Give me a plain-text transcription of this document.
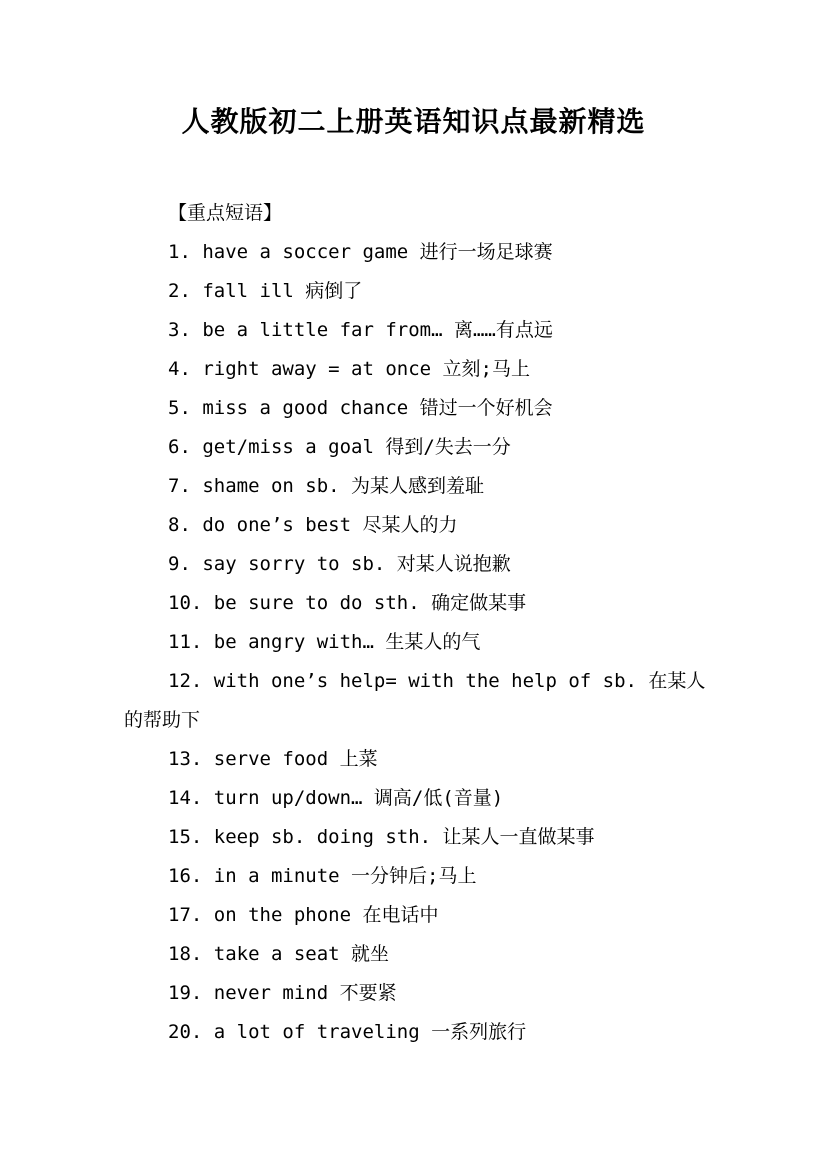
人教版初二上册英语知识点最新精选
【重点短语】
1. have a soccer game 进行一场足球赛
2. fall ill 病倒了
3. be a little far from… 离……有点远
4. right away = at once 立刻;马上
5. miss a good chance 错过一个好机会
6. get/miss a goal 得到/失去一分
7. shame on sb. 为某人感到羞耻
8. do one’s best 尽某人的力
9. say sorry to sb. 对某人说抱歉
10. be sure to do sth. 确定做某事
11. be angry with… 生某人的气
12. with one’s help= with the help of sb. 在某人的帮助下
13. serve food 上菜
14. turn up/down… 调高/低(音量)
15. keep sb. doing sth. 让某人一直做某事
16. in a minute 一分钟后;马上
17. on the phone 在电话中
18. take a seat 就坐
19. never mind 不要紧
20. a lot of traveling 一系列旅行
